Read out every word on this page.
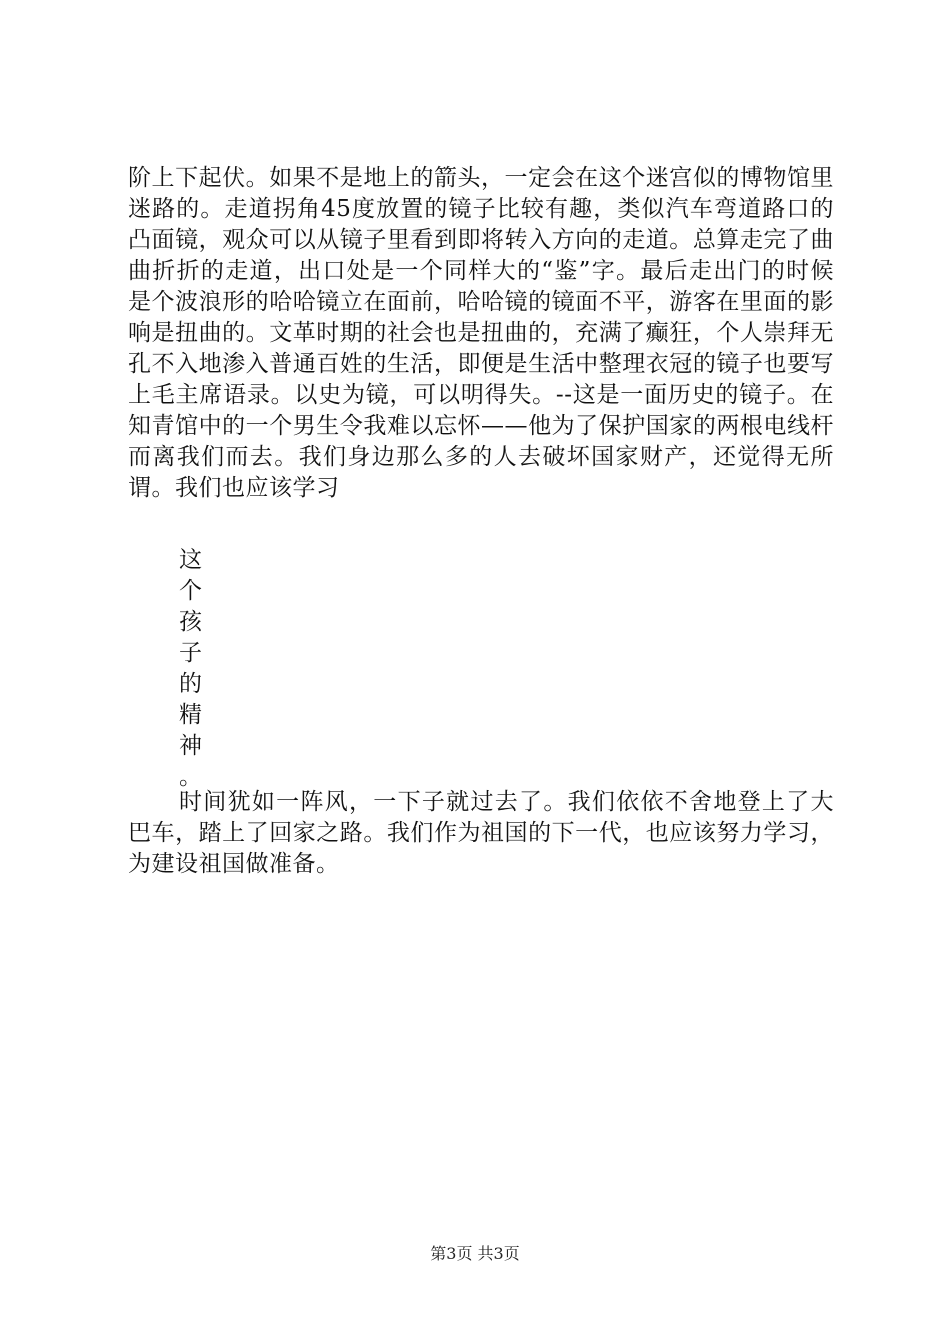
阶上下起伏。如果不是地上的箭头，一定会在这个迷宫似的博物馆里迷路的。走道拐角45度放置的镜子比较有趣，类似汽车弯道路口的凸面镜，观众可以从镜子里看到即将转入方向的走道。总算走完了曲曲折折的走道，出口处是一个同样大的“鉴”字。最后走出门的时候是个波浪形的哈哈镜立在面前，哈哈镜的镜面不平，游客在里面的影响是扭曲的。文革时期的社会也是扭曲的，充满了癫狂，个人崇拜无孔不入地渗入普通百姓的生活，即便是生活中整理衣冠的镜子也要写上毛主席语录。以史为镜，可以明得失。--这是一面历史的镜子。在知青馆中的一个男生令我难以忘怀——他为了保护国家的两根电线杆而离我们而去。我们身边那么多的人去破坏国家财产，还觉得无所谓。我们也应该学习

这
个
孩
子
的
精
神
。

时间犹如一阵风，一下子就过去了。我们依依不舍地登上了大巴车，踏上了回家之路。我们作为祖国的下一代，也应该努力学习，为建设祖国做准备。

第3页 共3页
